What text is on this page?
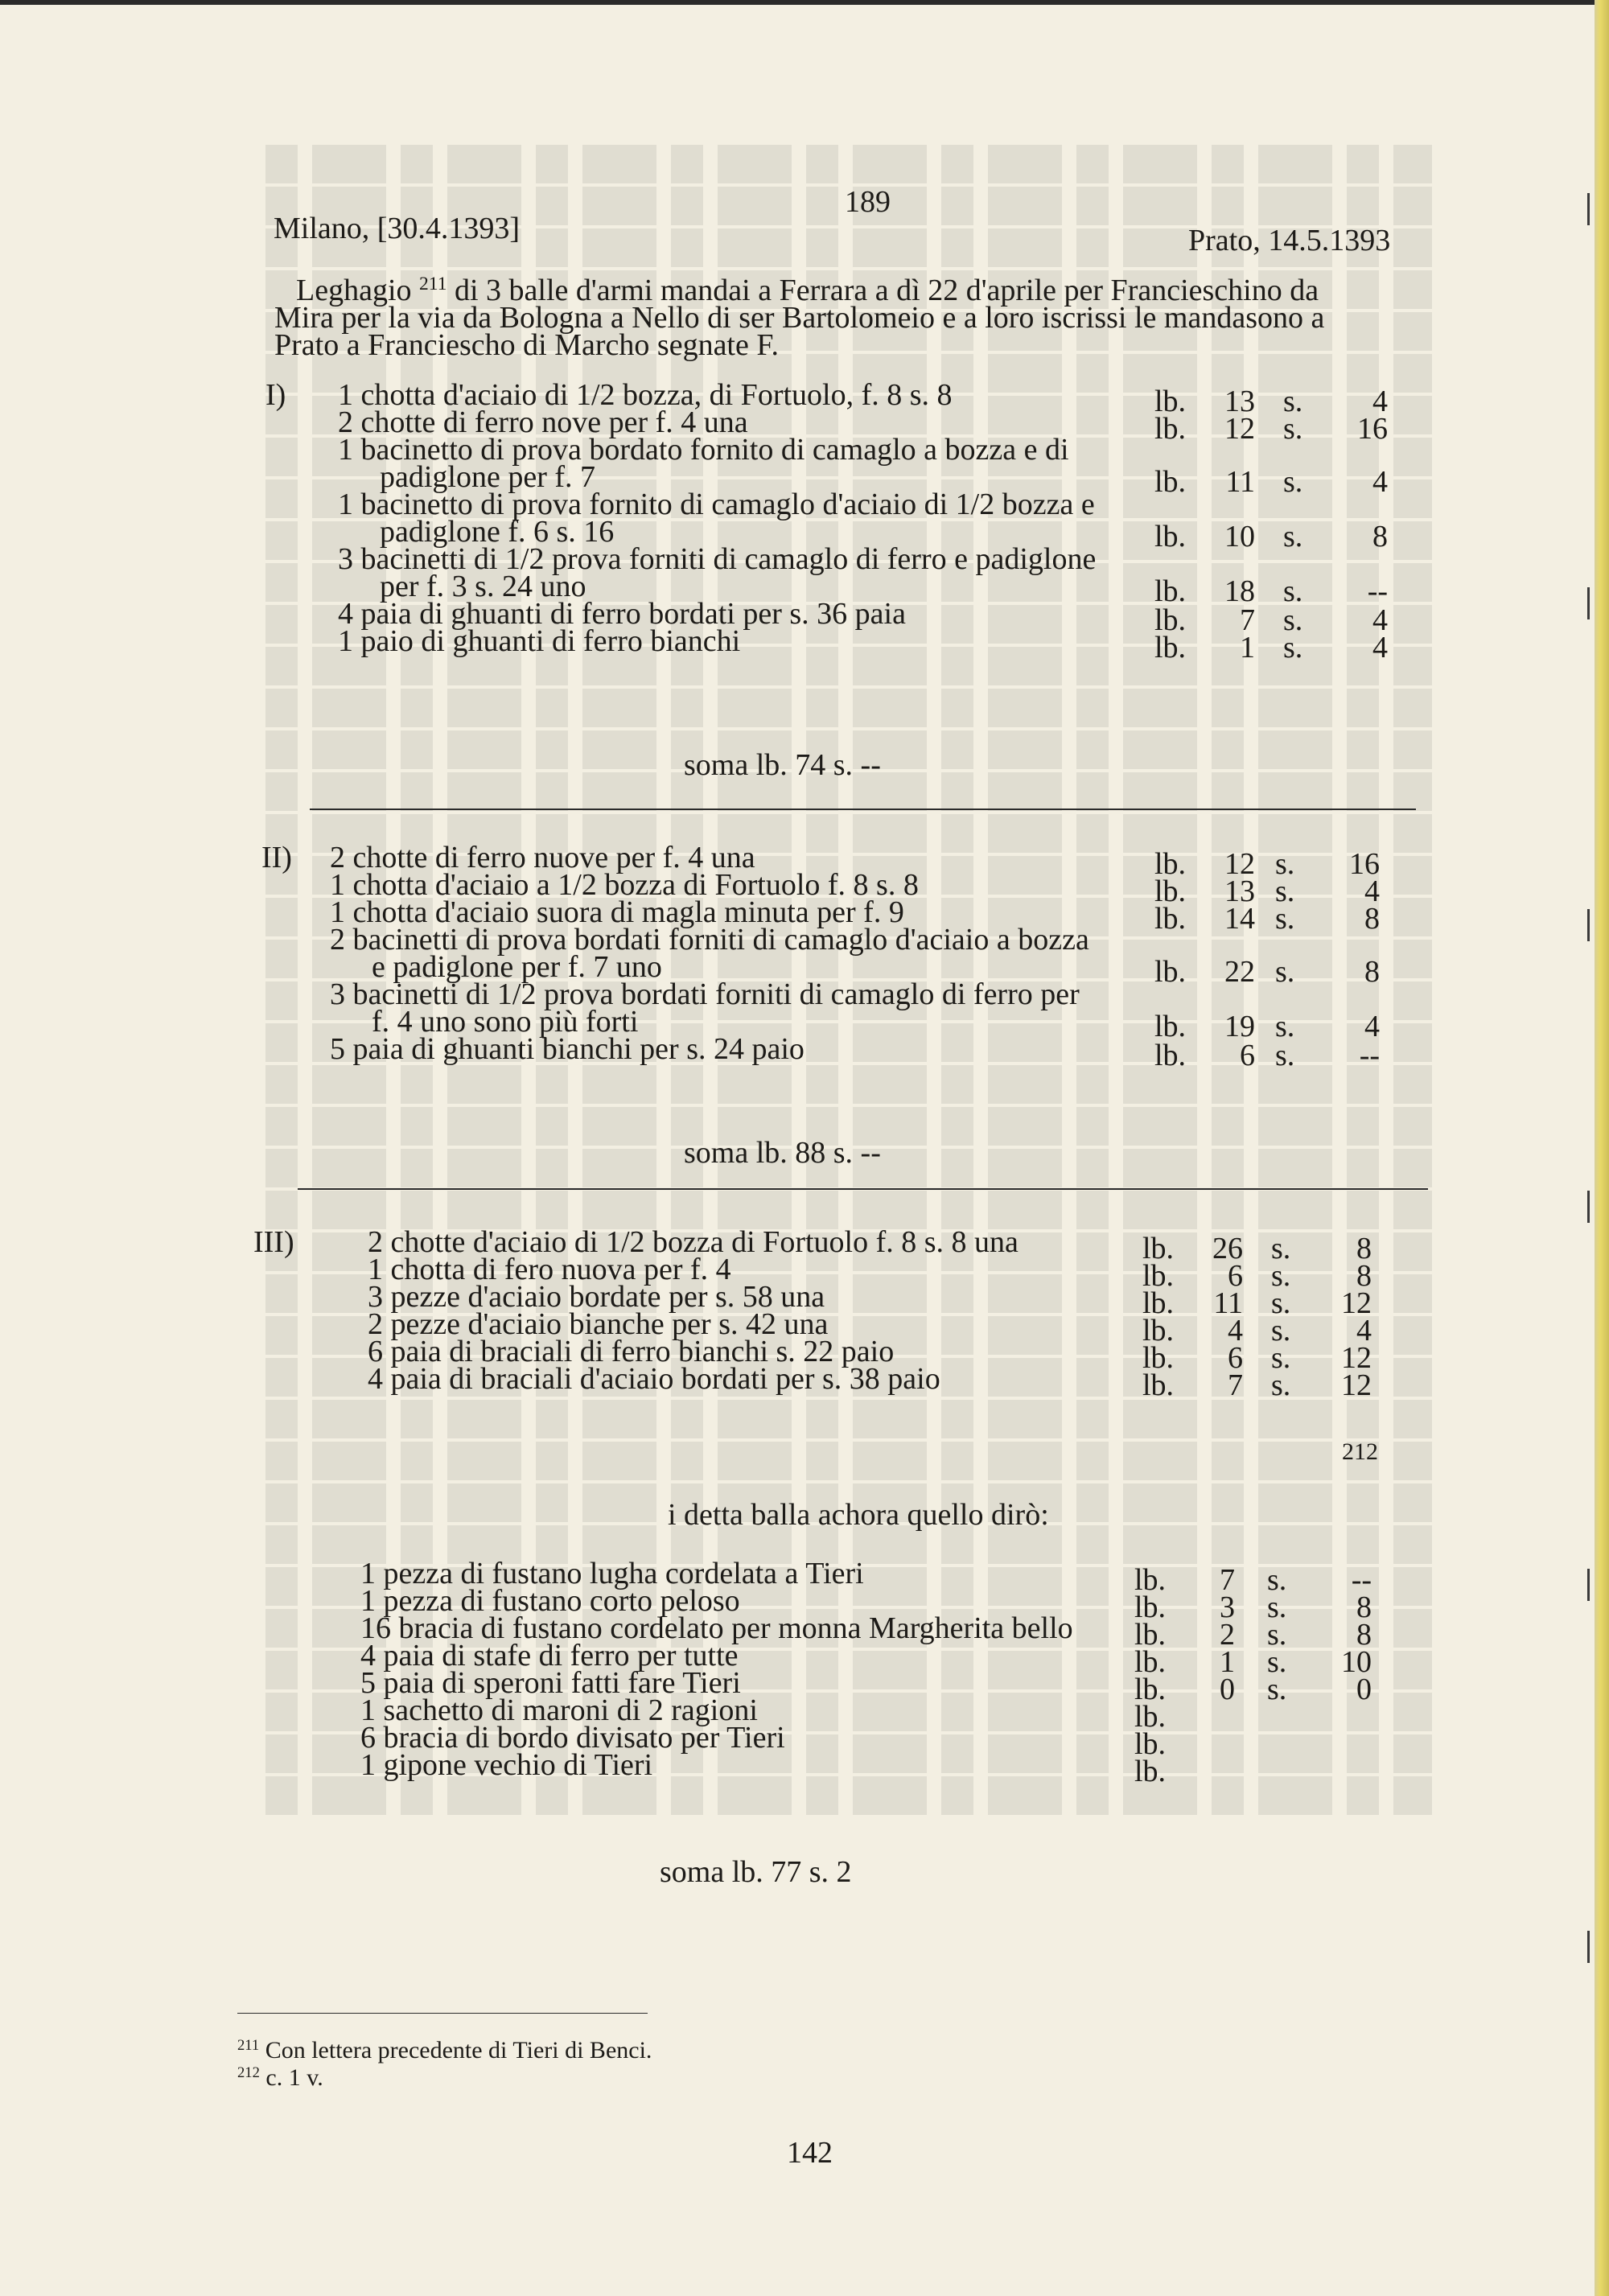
189
Milano, [30.4.1393]	Prato, 14.5.1393
Leghagio $^{211}$ di 3 balle d'armi mandai a Ferrara a dì 22 d'aprile per Francieschino da
Mira per la via da Bologna a Nello di ser Bartolomeio e a loro iscrissi le mandasono a
Prato a Franciescho di Marcho segnate F.
I) 1 chotta d'aciaio di 1/2 bozza, di Fortuolo, f. 8 s. 8	lb.	13 s.	4
2 chotte di ferro nove per f. 4 una	lb.	12 s.	16
1 bacinetto di prova bordato fornito di camaglo a bozza e di
padiglone per f. 7	lb.	11 s.	4
1 bacinetto di prova fornito di camaglo d'aciaio di 1/2 bozza e
padiglone f. 6 s. 16	lb.	10 s.	8
3 bacinetti di 1/2 prova forniti di camaglo di ferro e padiglone
per f. 3 s. 24 uno	lb.	18 s.	--
4 paia di ghuanti di ferro bordati per s. 36 paia	lb.	7 s.	4
1 paio di ghuanti di ferro bianchi	lb.	1 s.	4
soma lb. 74 s. --
II) 2 chotte di ferro nuove per f. 4 una	lb.	12 s.	16
1 chotta d'aciaio a 1/2 bozza di Fortuolo f. 8 s. 8	lb.	13 s.	4
1 chotta d'aciaio suora di magla minuta per f. 9	lb.	14 s.	8
2 bacinetti di prova bordati forniti di camaglo d'aciaio a bozza
e padiglone per f. 7 uno	lb.	22 s.	8
3 bacinetti di 1/2 prova bordati forniti di camaglo di ferro per
f. 4 uno sono più forti	lb.	19 s.	4
5 paia di ghuanti bianchi per s. 24 paio	lb.	6 s.	--
soma lb. 88 s. --
III) 2 chotte d'aciaio di 1/2 bozza di Fortuolo f. 8 s. 8 una	lb.	26 s.	8
1 chotta di fero nuova per f. 4	lb.	6 s.	8
3 pezze d'aciaio bordate per s. 58 una	lb.	11 s.	12
2 pezze d'aciaio bianche per s. 42 una	lb.	4 s.	4
6 paia di braciali di ferro bianchi s. 22 paio	lb.	6 s.	12
4 paia di braciali d'aciaio bordati per s. 38 paio	lb.	7 s.	12
212
i detta balla achora quello dirò:
1 pezza di fustano lugha cordelata a Tieri	lb.	7 s.	--
1 pezza di fustano corto peloso	lb.	3 s.	8
16 bracia di fustano cordelato per monna Margherita bello lb.	2 s.	8
4 paia di stafe di ferro per tutte	lb.	1 s.	10
5 paia di speroni fatti fare Tieri	lb.	0 s.	0
1 sachetto di maroni di 2 ragioni	lb.
6 bracia di bordo divisato per Tieri	lb.
1 gipone vechio di Tieri	lb.
soma lb. 77 s. 2
$^{211}$ Con lettera precedente di Tieri di Benci.
$^{212}$ c. 1 v.
142
